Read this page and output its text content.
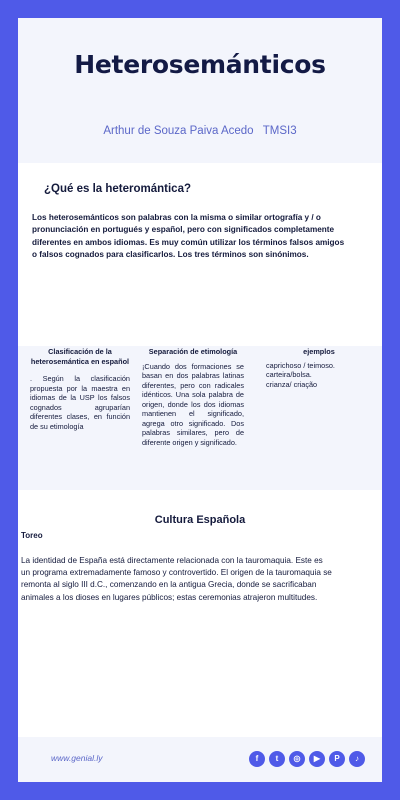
Heterosemánticos
Arthur de Souza Paiva Acedo TMSI3
¿Qué es la heteromántica?
Los heterosemánticos son palabras con la misma o similar ortografía y / o pronunciación en portugués y español, pero con significados completamente diferentes en ambos idiomas. Es muy común utilizar los términos falsos amigos o falsos cognados para clasificarlos. Los tres términos son sinónimos.
Clasificación de la heterosemántica en español
. Según la clasificación propuesta por la maestra en idiomas de la USP los falsos cognados agruparían diferentes clases, en función de su etimología
Separación de etimología
¡Cuando dos formaciones se basan en dos palabras latinas diferentes, pero con radicales idénticos. Una sola palabra de origen, donde los dos idiomas mantienen el significado, agrega otro significado. Dos palabras similares, pero de diferente origen y significado.
ejemplos
caprichoso / teimoso.
carteira/bolsa.
crianza/ criação
Cultura Española
Toreo
La identidad de España está directamente relacionada con la tauromaquia. Este es un programa extremadamente famoso y controvertido. El origen de la tauromaquia se remonta al siglo III d.C., comenzando en la antigua Grecia, donde se sacrificaban animales a los dioses en lugares públicos; estas ceremonias atrajeron multitudes.
www.genial.ly	f	t	◎	▶	P	♪
